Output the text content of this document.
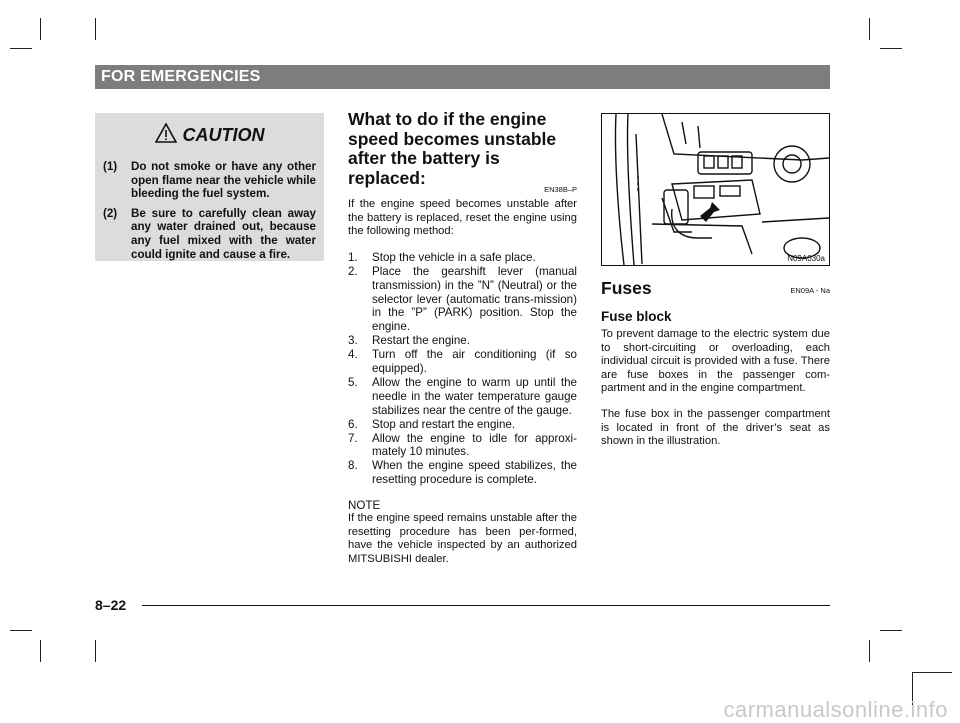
FOR EMERGENCIES
CAUTION
(1)	Do not smoke or have any other open flame near the vehicle while bleeding the fuel system.
(2)	Be sure to carefully clean away any water drained out, because any fuel mixed with the water could ignite and cause a fire.
What to do if the engine speed becomes unstable after the battery is replaced:
EN38B–P

If the engine speed becomes unstable after the battery is replaced, reset the engine using the following method:

1.	Stop the vehicle in a safe place.
2.	Place the gearshift lever (manual transmission) in the ”N” (Neutral) or the selector lever (automatic trans-mission) in the ”P” (PARK) position. Stop the engine.
3.	Restart the engine.
4.	Turn off the air conditioning (if so equipped).
5.	Allow the engine to warm up until the needle in the water temperature gauge stabilizes near the centre of the gauge.
6.	Stop and restart the engine.
7.	Allow the engine to idle for approxi-mately 10 minutes.
8.	When the engine speed stabilizes, the resetting procedure is complete.
NOTE

If the engine speed remains unstable after the resetting procedure has been per-formed, have the vehicle inspected by an authorized MITSUBISHI dealer.

N09A030a
Fuses	EN09A - Na
Fuse block

To prevent damage to the electric system due to short-circuiting or overloading, each individual circuit is provided with a fuse. There are fuse boxes in the passenger com-partment and in the engine compartment.

The fuse box in the passenger compartment is located in front of the driver’s seat as shown in the illustration.

8–22
carmanualsonline.info
